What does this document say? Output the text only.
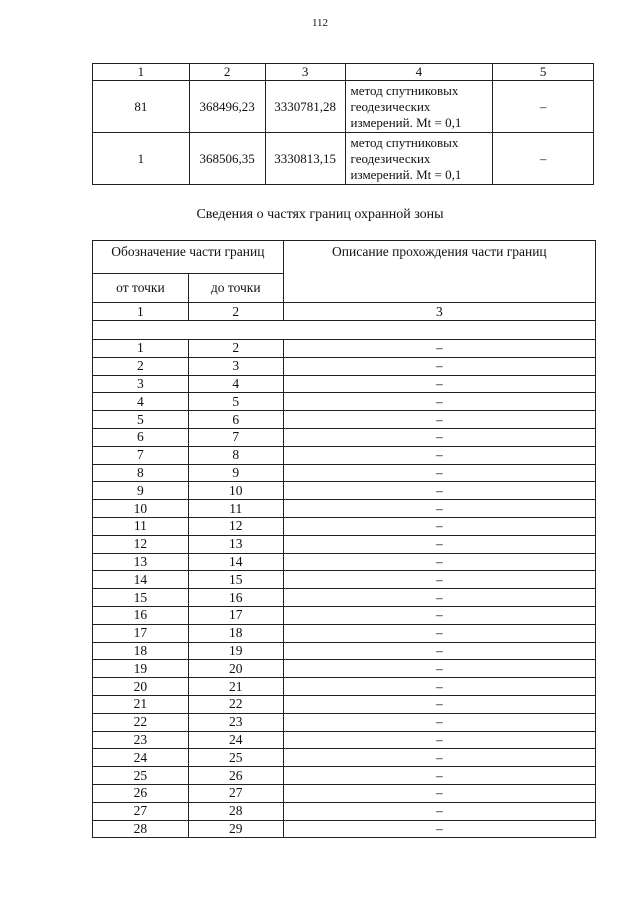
112
1	2	3	4	5
81	368496,23	3330781,28	метод спутниковых геодезических измерений. Mt = 0,1	–
1	368506,35	3330813,15	метод спутниковых геодезических измерений. Mt = 0,1	–
Сведения о частях границ охранной зоны
Обозначение части границ		Описание прохождения части границ
от точки	до точки	
1	2	3

1	2	–
2	3	–
3	4	–
4	5	–
5	6	–
6	7	–
7	8	–
8	9	–
9	10	–
10	11	–
11	12	–
12	13	–
13	14	–
14	15	–
15	16	–
16	17	–
17	18	–
18	19	–
19	20	–
20	21	–
21	22	–
22	23	–
23	24	–
24	25	–
25	26	–
26	27	–
27	28	–
28	29	–
